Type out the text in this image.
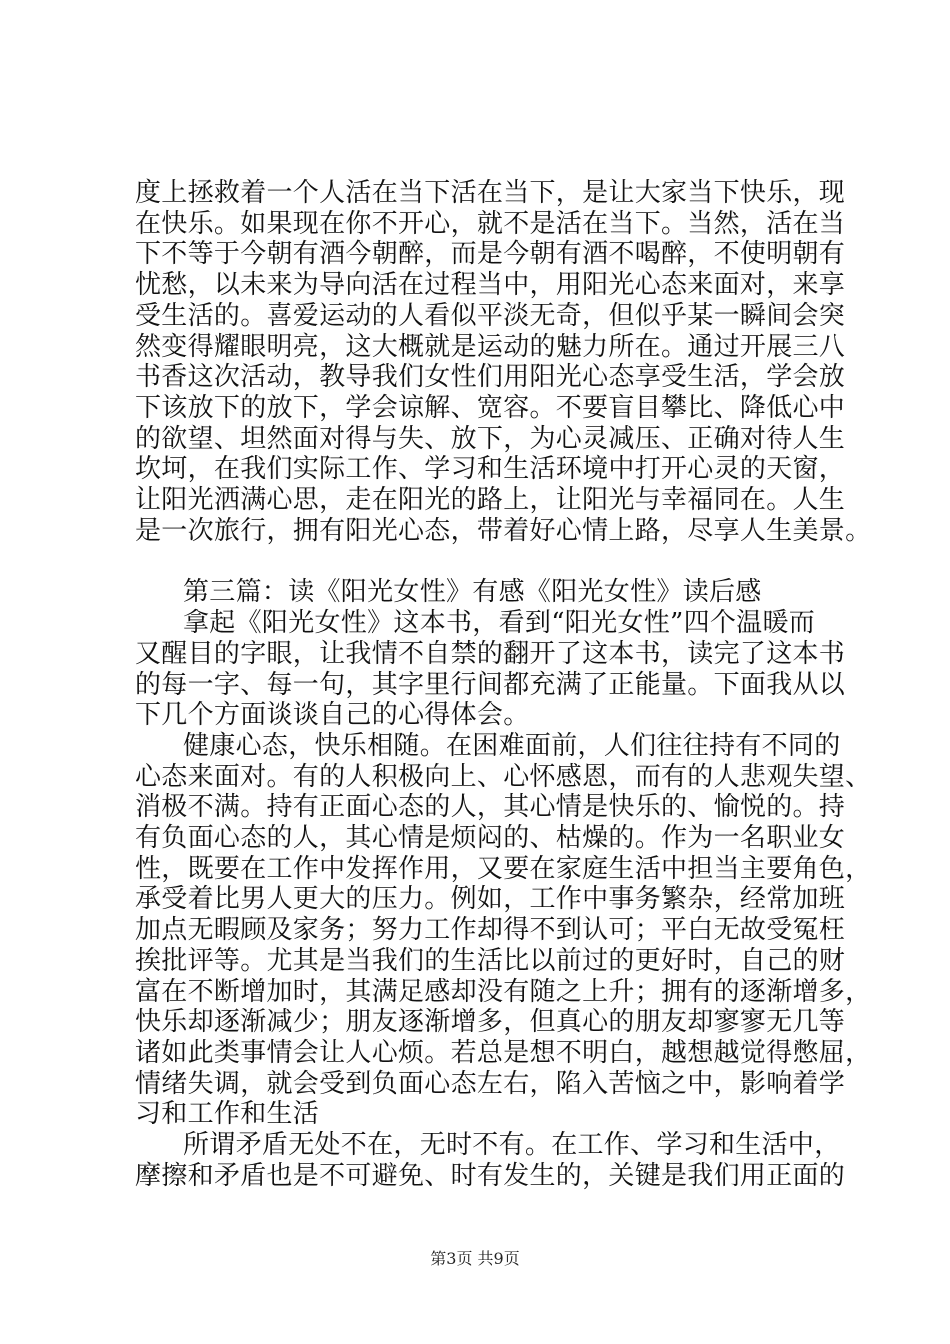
度上拯救着一个人活在当下活在当下，是让大家当下快乐，现
在快乐。如果现在你不开心，就不是活在当下。当然，活在当
下不等于今朝有酒今朝醉，而是今朝有酒不喝醉，不使明朝有
忧愁，以未来为导向活在过程当中，用阳光心态来面对，来享
受生活的。喜爱运动的人看似平淡无奇，但似乎某一瞬间会突
然变得耀眼明亮，这大概就是运动的魅力所在。通过开展三八
书香这次活动，教导我们女性们用阳光心态享受生活，学会放
下该放下的放下，学会谅解、宽容。不要盲目攀比、降低心中
的欲望、坦然面对得与失、放下，为心灵减压、正确对待人生
坎坷，在我们实际工作、学习和生活环境中打开心灵的天窗，
让阳光洒满心思，走在阳光的路上，让阳光与幸福同在。人生
是一次旅行，拥有阳光心态，带着好心情上路，尽享人生美景。
第三篇：读《阳光女性》有感《阳光女性》读后感
拿起《阳光女性》这本书，看到“阳光女性”四个温暖而
又醒目的字眼，让我情不自禁的翻开了这本书，读完了这本书
的每一字、每一句，其字里行间都充满了正能量。下面我从以
下几个方面谈谈自己的心得体会。
健康心态，快乐相随。在困难面前，人们往往持有不同的
心态来面对。有的人积极向上、心怀感恩，而有的人悲观失望、
消极不满。持有正面心态的人，其心情是快乐的、愉悦的。持
有负面心态的人，其心情是烦闷的、枯燥的。作为一名职业女
性，既要在工作中发挥作用，又要在家庭生活中担当主要角色，
承受着比男人更大的压力。例如，工作中事务繁杂，经常加班
加点无暇顾及家务；努力工作却得不到认可；平白无故受冤枉
挨批评等。尤其是当我们的生活比以前过的更好时，自己的财
富在不断增加时，其满足感却没有随之上升；拥有的逐渐增多，
快乐却逐渐减少；朋友逐渐增多，但真心的朋友却寥寥无几等
诸如此类事情会让人心烦。若总是想不明白，越想越觉得憋屈，
情绪失调，就会受到负面心态左右，陷入苦恼之中，影响着学
习和工作和生活
所谓矛盾无处不在，无时不有。在工作、学习和生活中，
摩擦和矛盾也是不可避免、时有发生的，关键是我们用正面的
第3页 共9页
